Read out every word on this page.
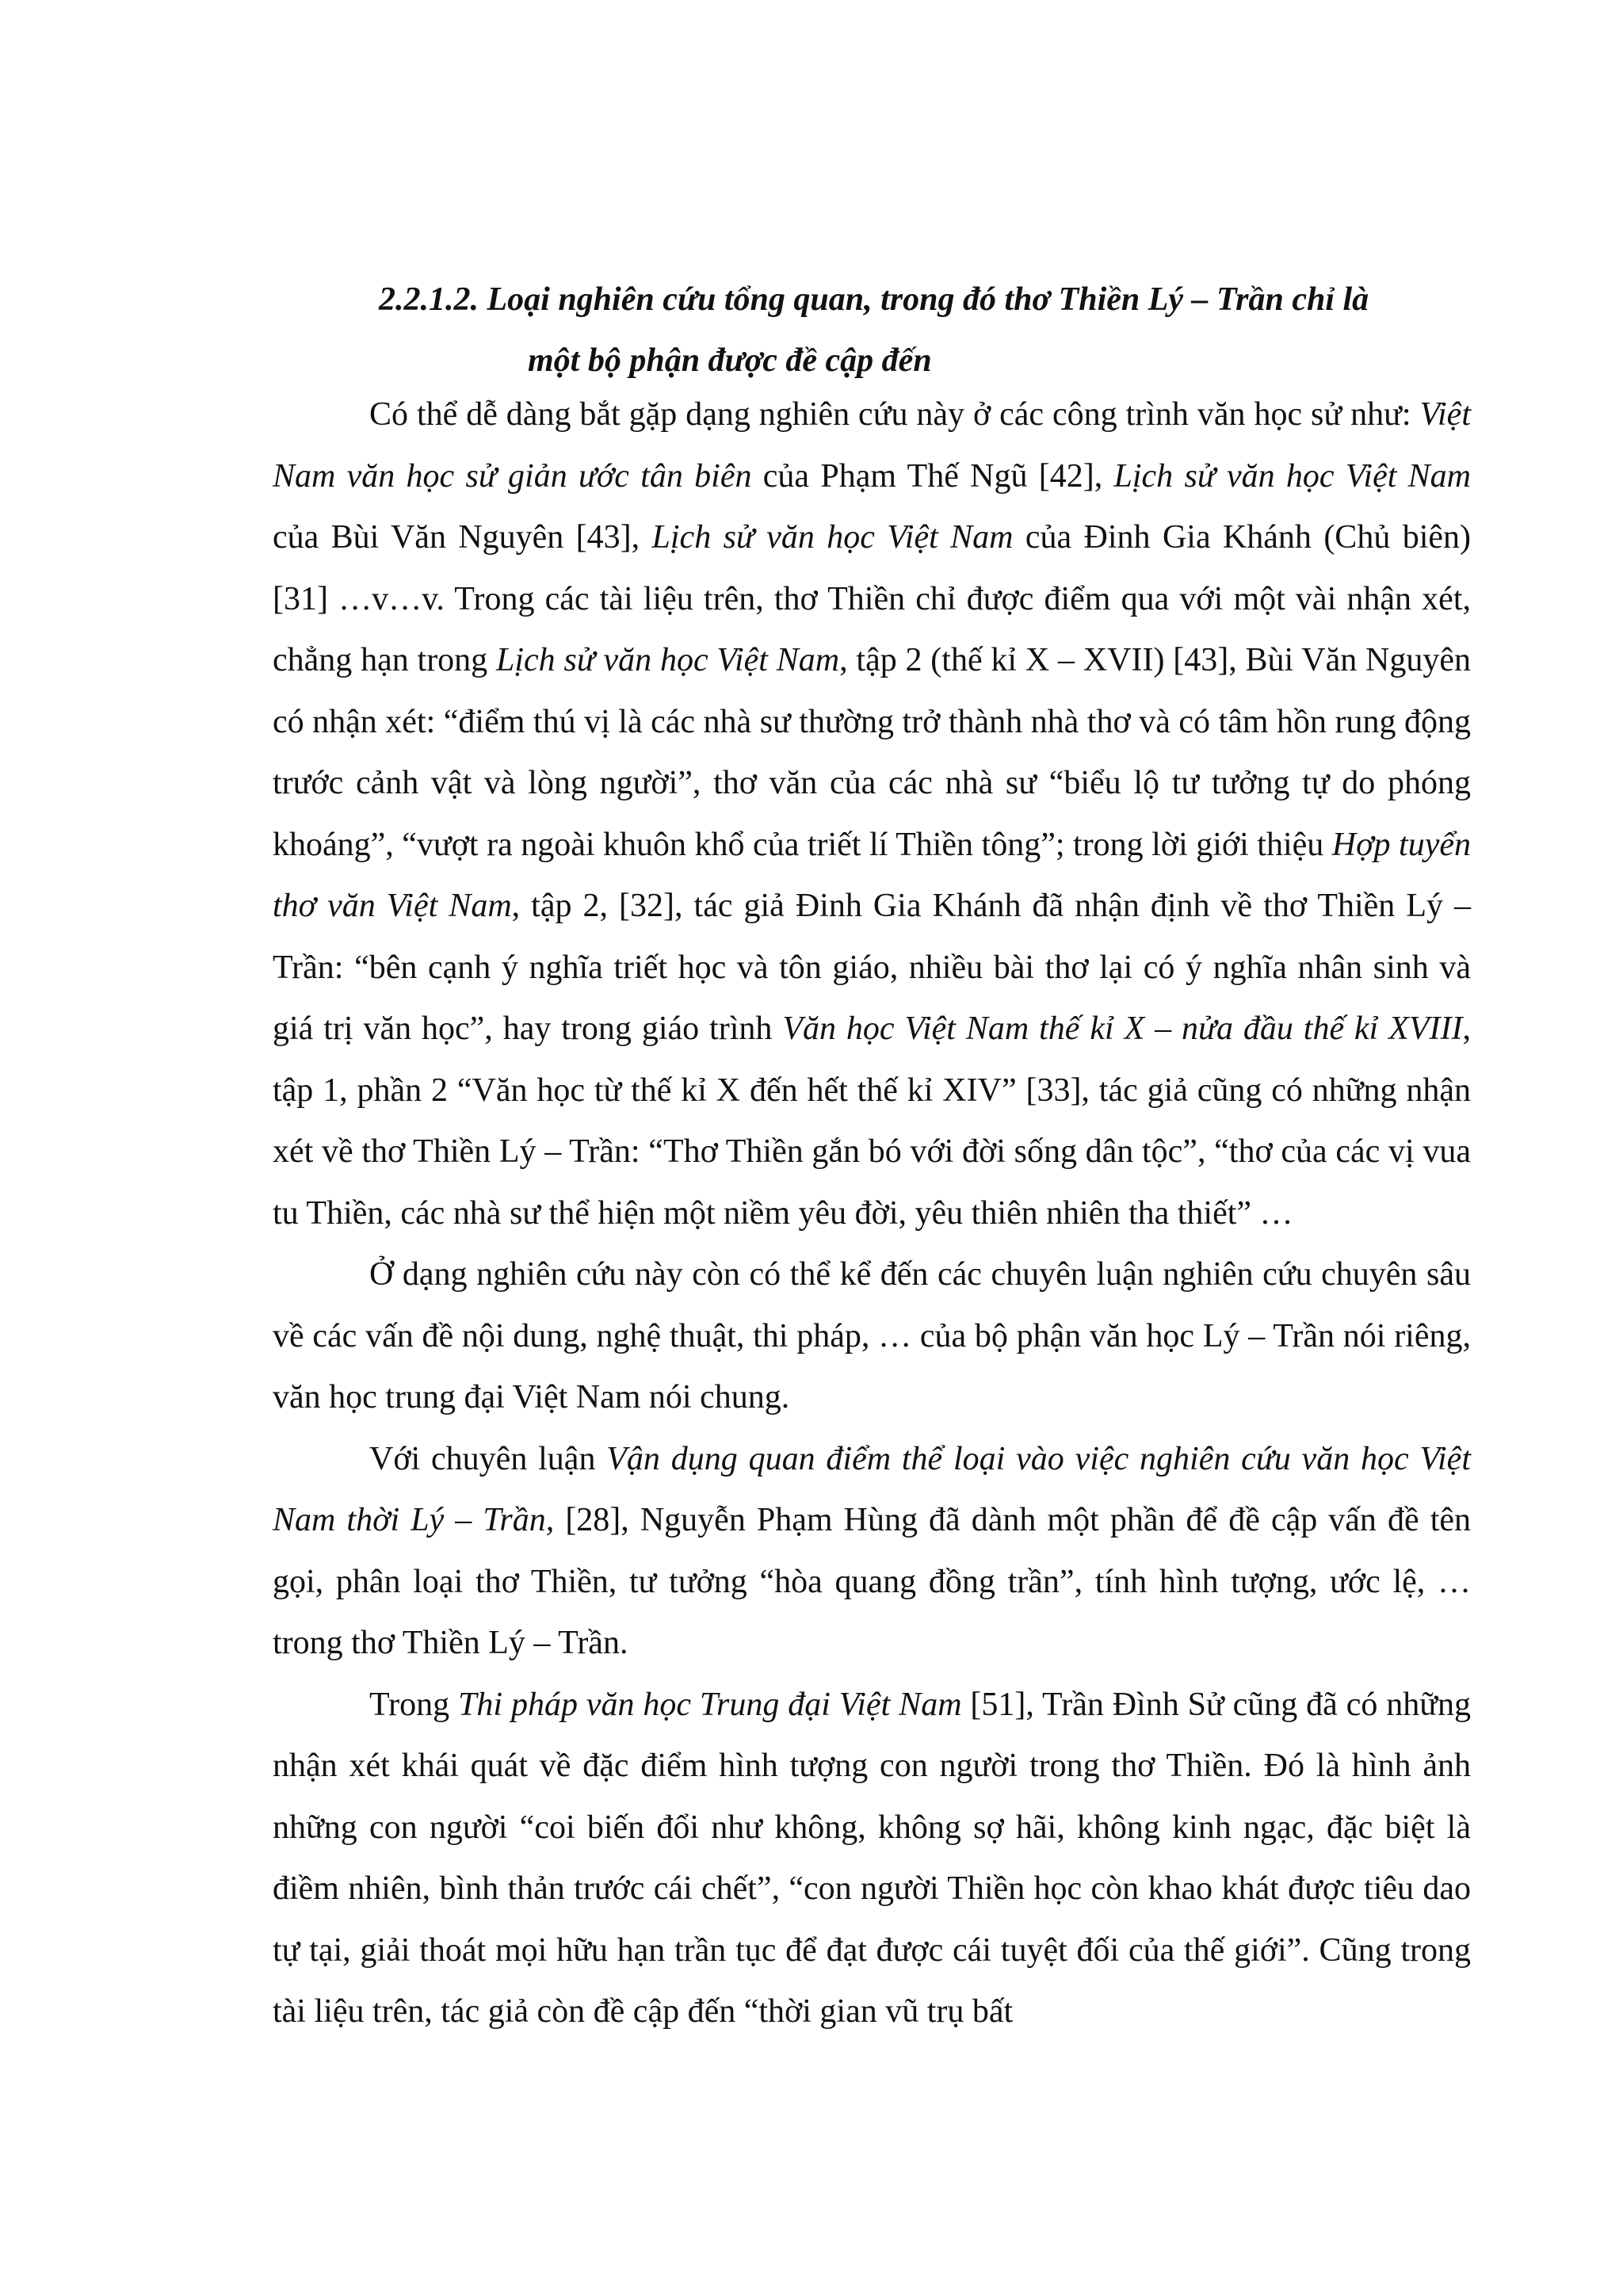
2.2.1.2. Loại nghiên cứu tổng quan, trong đó thơ Thiền Lý – Trần chỉ là
một bộ phận được đề cập đến

Có thể dễ dàng bắt gặp dạng nghiên cứu này ở các công trình văn học sử như: Việt Nam văn học sử giản ước tân biên của Phạm Thế Ngũ [42], Lịch sử văn học Việt Nam của Bùi Văn Nguyên [43], Lịch sử văn học Việt Nam của Đinh Gia Khánh (Chủ biên) [31] …v…v. Trong các tài liệu trên, thơ Thiền chỉ được điểm qua với một vài nhận xét, chẳng hạn trong Lịch sử văn học Việt Nam, tập 2 (thế kỉ X – XVII) [43], Bùi Văn Nguyên có nhận xét: “điểm thú vị là các nhà sư thường trở thành nhà thơ và có tâm hồn rung động trước cảnh vật và lòng người”, thơ văn của các nhà sư “biểu lộ tư tưởng tự do phóng khoáng”, “vượt ra ngoài khuôn khổ của triết lí Thiền tông”; trong lời giới thiệu Hợp tuyển thơ văn Việt Nam, tập 2, [32], tác giả Đinh Gia Khánh đã nhận định về thơ Thiền Lý – Trần: “bên cạnh ý nghĩa triết học và tôn giáo, nhiều bài thơ lại có ý nghĩa nhân sinh và giá trị văn học”, hay trong giáo trình Văn học Việt Nam thế kỉ X – nửa đầu thế kỉ XVIII, tập 1, phần 2 “Văn học từ thế kỉ X đến hết thế kỉ XIV” [33], tác giả cũng có những nhận xét về thơ Thiền Lý – Trần: “Thơ Thiền gắn bó với đời sống dân tộc”, “thơ của các vị vua tu Thiền, các nhà sư thể hiện một niềm yêu đời, yêu thiên nhiên tha thiết” …

Ở dạng nghiên cứu này còn có thể kể đến các chuyên luận nghiên cứu chuyên sâu về các vấn đề nội dung, nghệ thuật, thi pháp, … của bộ phận văn học Lý – Trần nói riêng, văn học trung đại Việt Nam nói chung.

Với chuyên luận Vận dụng quan điểm thể loại vào việc nghiên cứu văn học Việt Nam thời Lý – Trần, [28], Nguyễn Phạm Hùng đã dành một phần để đề cập vấn đề tên gọi, phân loại thơ Thiền, tư tưởng “hòa quang đồng trần”, tính hình tượng, ước lệ, … trong thơ Thiền Lý – Trần.

Trong Thi pháp văn học Trung đại Việt Nam [51], Trần Đình Sử cũng đã có những nhận xét khái quát về đặc điểm hình tượng con người trong thơ Thiền. Đó là hình ảnh những con người “coi biến đổi như không, không sợ hãi, không kinh ngạc, đặc biệt là điềm nhiên, bình thản trước cái chết”, “con người Thiền học còn khao khát được tiêu dao tự tại, giải thoát mọi hữu hạn trần tục để đạt được cái tuyệt đối của thế giới”. Cũng trong tài liệu trên, tác giả còn đề cập đến “thời gian vũ trụ bất
